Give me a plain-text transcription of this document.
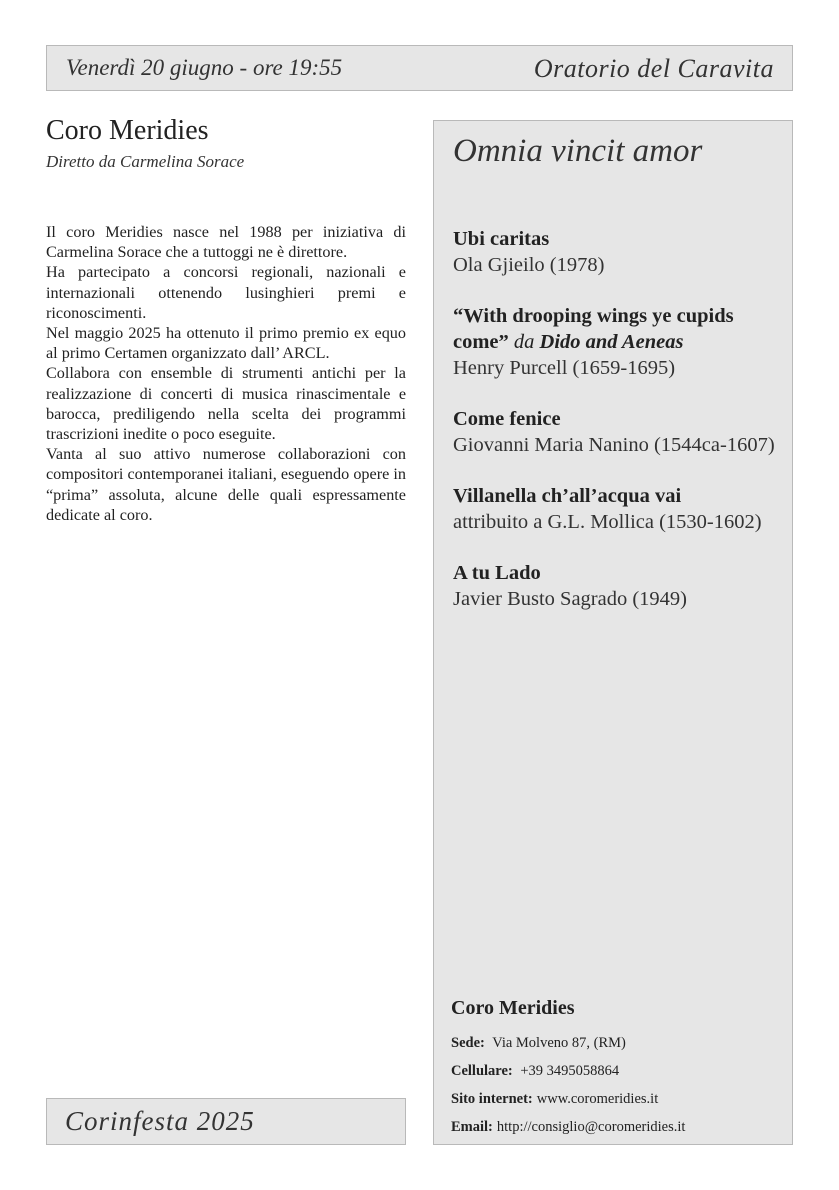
Venerdì 20 giugno - ore 19:55	Oratorio del Caravita
Coro Meridies
Diretto da Carmelina Sorace

Il coro Meridies nasce nel 1988 per iniziativa di Carmelina Sorace che a tuttoggi ne è direttore.

Ha partecipato a concorsi regionali, nazionali e internazionali ottenendo lusinghieri premi e riconoscimenti.

Nel maggio 2025 ha ottenuto il primo premio ex equo al primo Certamen organizzato dall’ ARCL.

Collabora con ensemble di strumenti antichi per la realizzazione di concerti di musica rinascimentale e barocca, prediligendo nella scelta dei programmi trascrizioni inedite o poco eseguite.

Vanta al suo attivo numerose collaborazioni con compositori contemporanei italiani, eseguendo opere in “prima” assoluta, alcune delle quali espressamente dedicate al coro.

Corinfesta 2025
Omnia vincit amor
Ubi caritas
Ola Gjieilo (1978)
“With drooping wings ye cupids come” da Dido and Aeneas
Henry Purcell (1659-1695)
Come fenice
Giovanni Maria Nanino (1544ca-1607)
Villanella ch’all’acqua vai
attribuito a G.L. Mollica (1530-1602)
A tu Lado
Javier Busto Sagrado (1949)
Coro Meridies
Sede: Via Molveno 87, (RM)
Cellulare: +39 3495058864
Sito internet: www.coromeridies.it
Email: http://consiglio@coromeridies.it
